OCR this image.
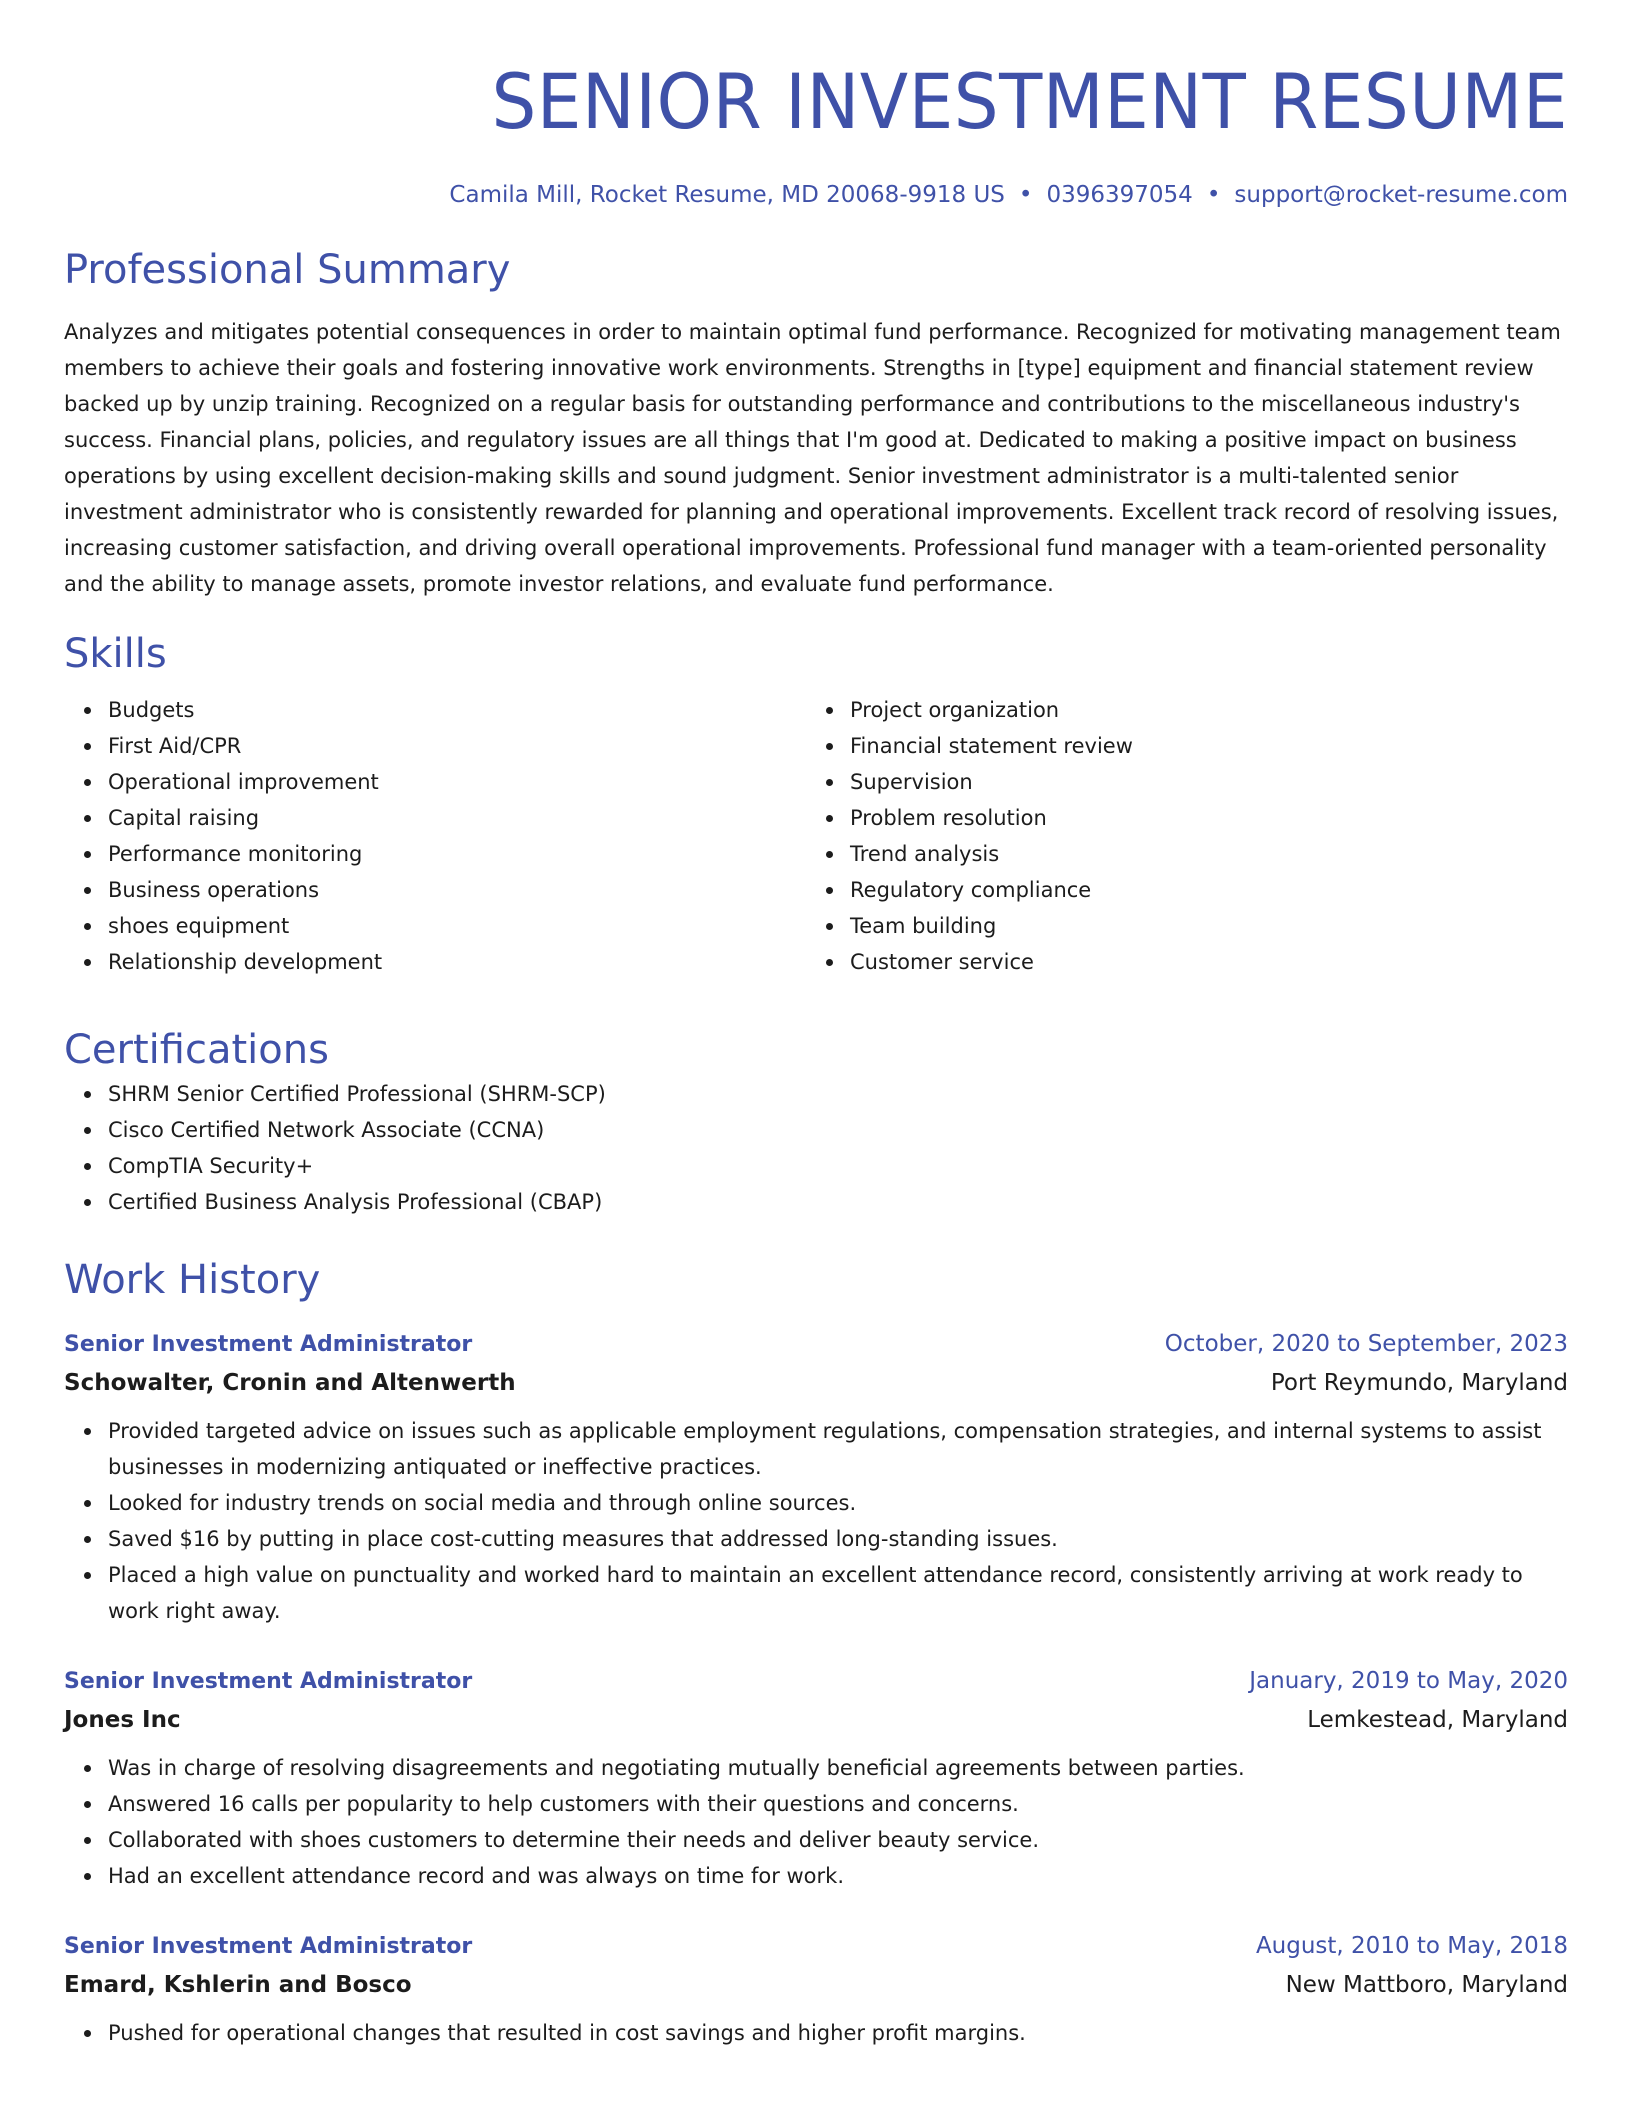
SENIOR INVESTMENT RESUME
Camila Mill, Rocket Resume, MD 20068-9918 US • 0396397054 • support@rocket-resume.com
Professional Summary
Analyzes and mitigates potential consequences in order to maintain optimal fund performance. Recognized for motivating management team members to achieve their goals and fostering innovative work environments. Strengths in [type] equipment and financial statement review backed up by unzip training. Recognized on a regular basis for outstanding performance and contributions to the miscellaneous industry's success. Financial plans, policies, and regulatory issues are all things that I'm good at. Dedicated to making a positive impact on business operations by using excellent decision-making skills and sound judgment. Senior investment administrator is a multi-talented senior investment administrator who is consistently rewarded for planning and operational improvements. Excellent track record of resolving issues, increasing customer satisfaction, and driving overall operational improvements. Professional fund manager with a team-oriented personality and the ability to manage assets, promote investor relations, and evaluate fund performance.
Skills
Budgets
First Aid/CPR
Operational improvement
Capital raising
Performance monitoring
Business operations
shoes equipment
Relationship development
Project organization
Financial statement review
Supervision
Problem resolution
Trend analysis
Regulatory compliance
Team building
Customer service
Certifications
SHRM Senior Certified Professional (SHRM-SCP)
Cisco Certified Network Associate (CCNA)
CompTIA Security+
Certified Business Analysis Professional (CBAP)
Work History
Senior Investment Administrator	October, 2020 to September, 2023
Schowalter, Cronin and Altenwerth	Port Reymundo, Maryland
Provided targeted advice on issues such as applicable employment regulations, compensation strategies, and internal systems to assist businesses in modernizing antiquated or ineffective practices.
Looked for industry trends on social media and through online sources.
Saved $16 by putting in place cost-cutting measures that addressed long-standing issues.
Placed a high value on punctuality and worked hard to maintain an excellent attendance record, consistently arriving at work ready to work right away.
Senior Investment Administrator	January, 2019 to May, 2020
Jones Inc	Lemkestead, Maryland
Was in charge of resolving disagreements and negotiating mutually beneficial agreements between parties.
Answered 16 calls per popularity to help customers with their questions and concerns.
Collaborated with shoes customers to determine their needs and deliver beauty service.
Had an excellent attendance record and was always on time for work.
Senior Investment Administrator	August, 2010 to May, 2018
Emard, Kshlerin and Bosco	New Mattboro, Maryland
Pushed for operational changes that resulted in cost savings and higher profit margins.
